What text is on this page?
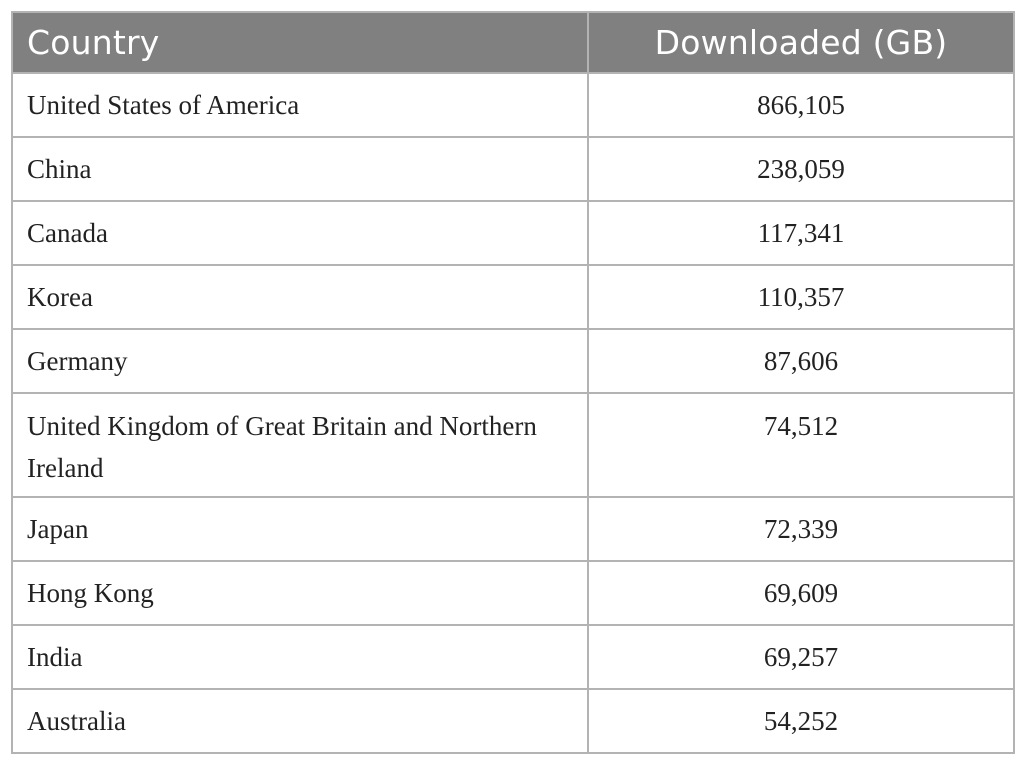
Country	Downloaded (GB)
United States of America	866,105
China	238,059
Canada	117,341
Korea	110,357
Germany	87,606
United Kingdom of Great Britain and Northern Ireland	74,512
Japan	72,339
Hong Kong	69,609
India	69,257
Australia	54,252
